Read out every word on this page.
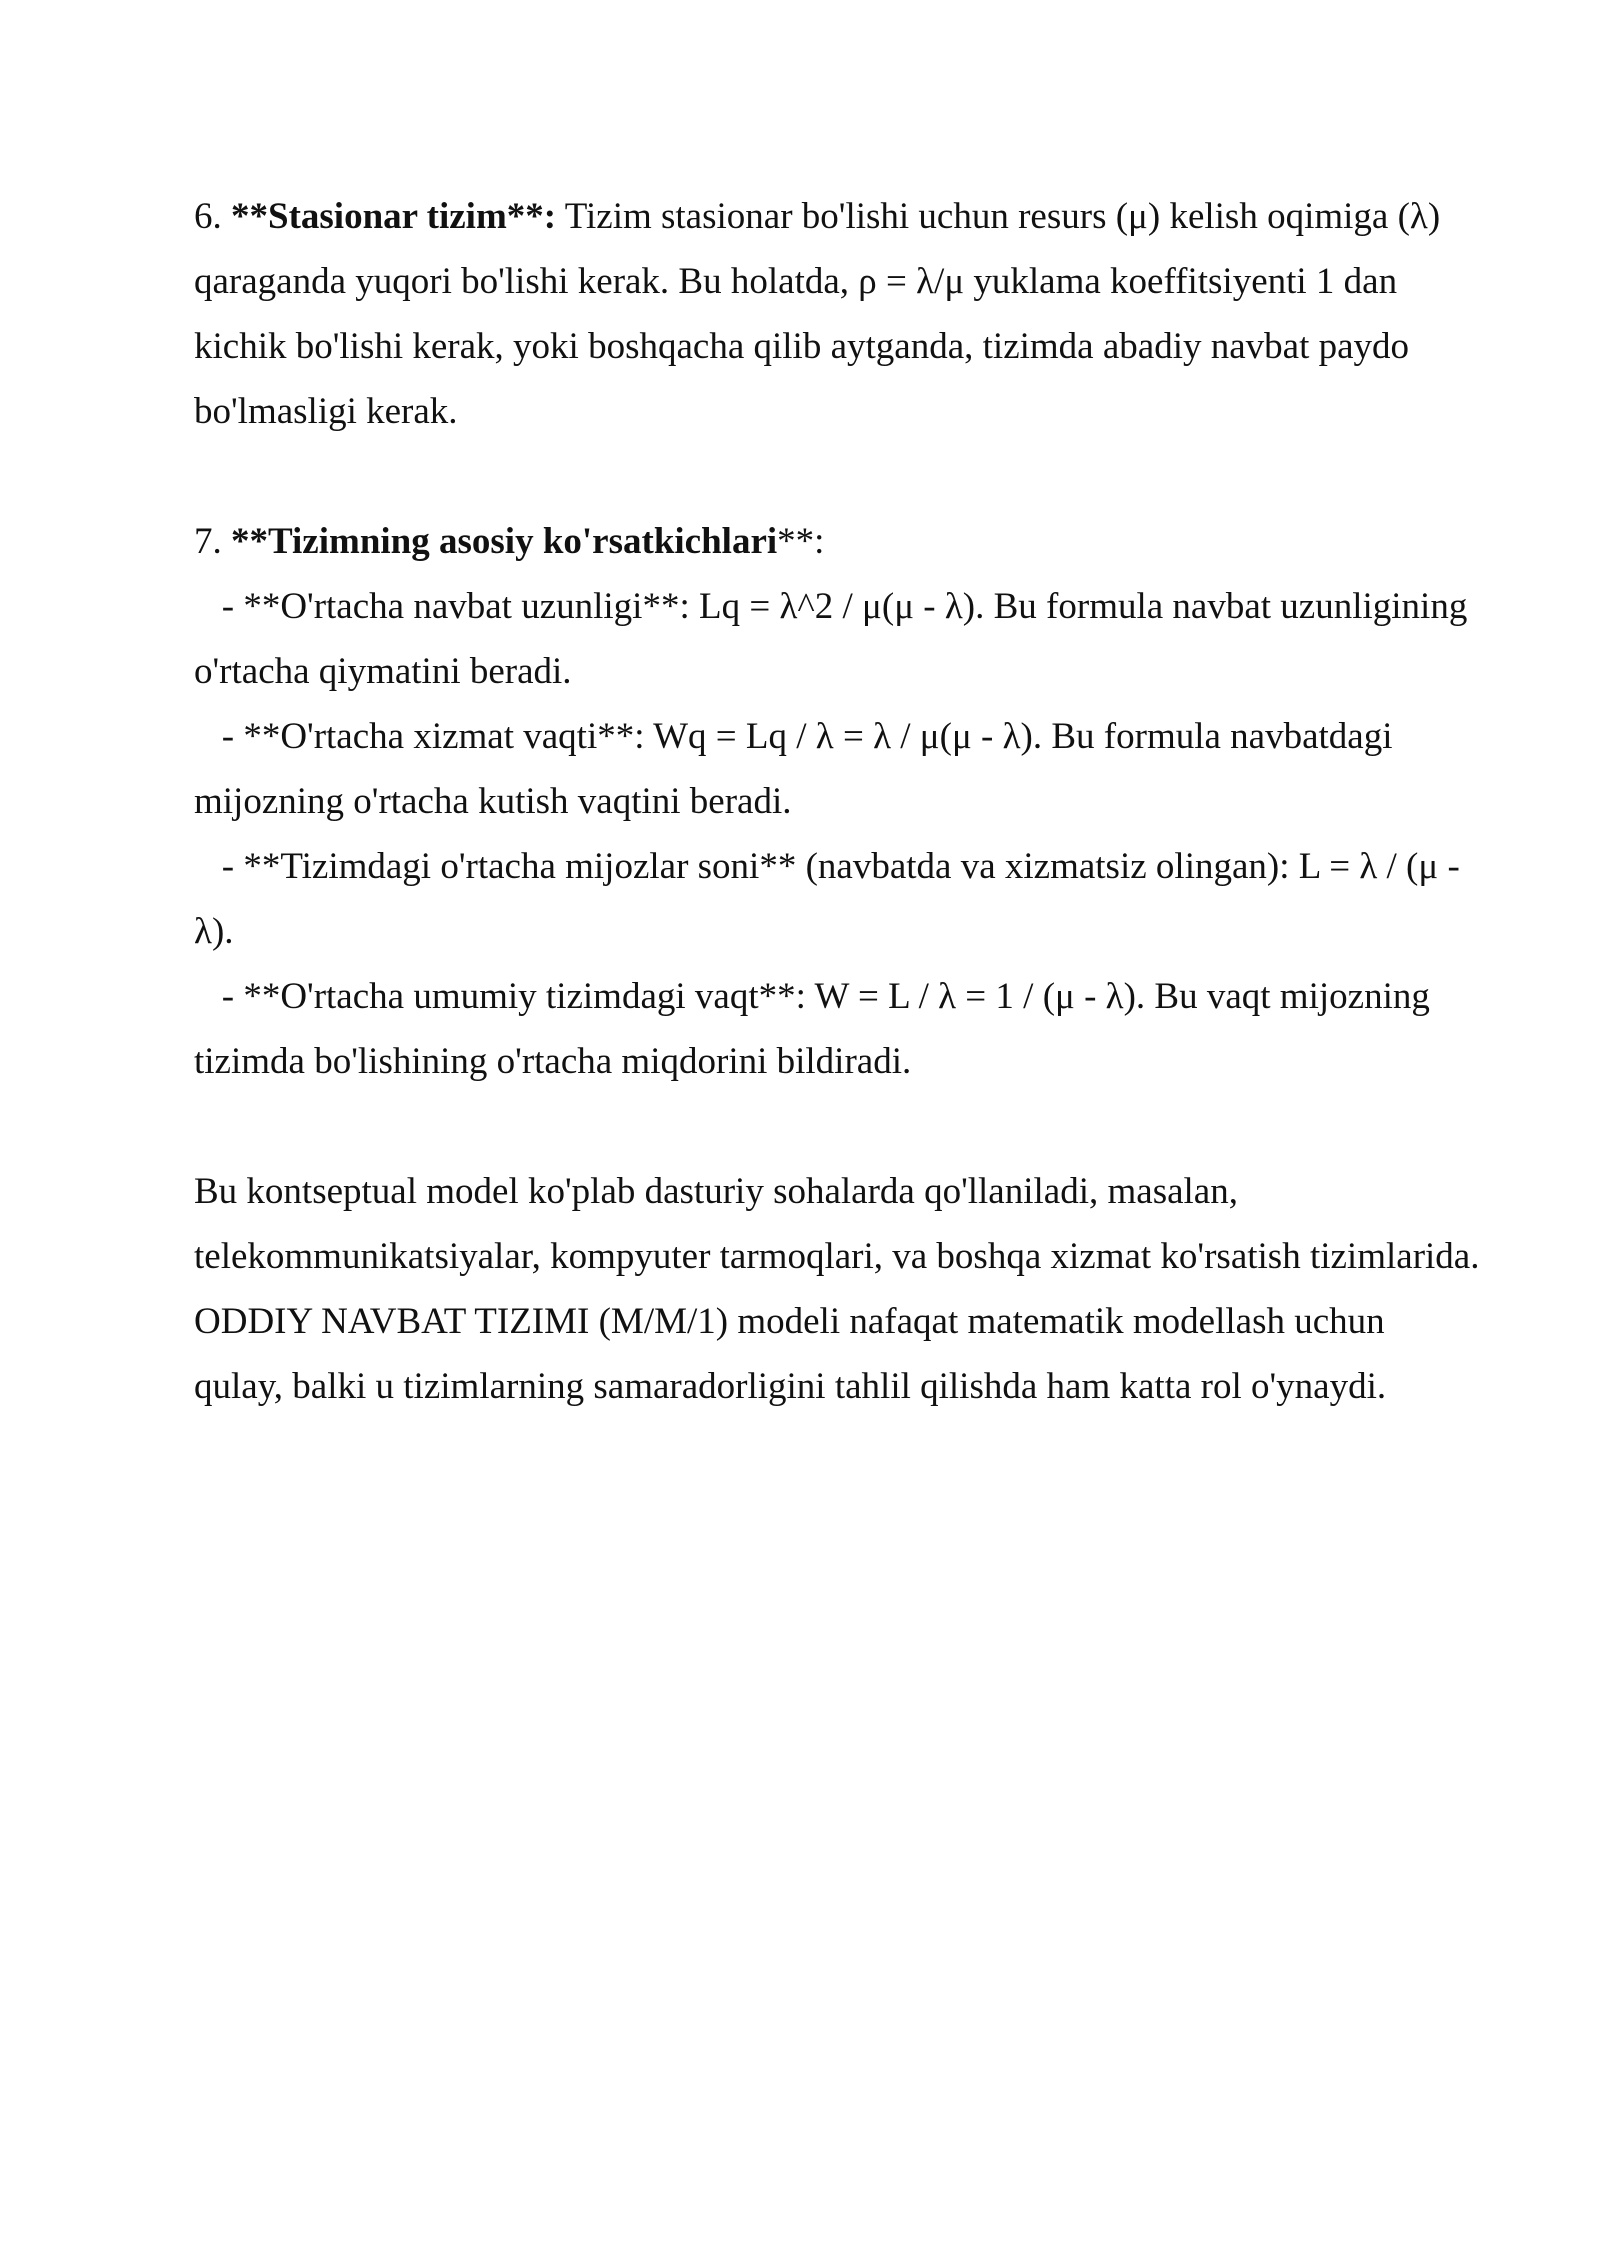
6. **Stasionar tizim**: Tizim stasionar bo'lishi uchun resurs (μ) kelish oqimiga (λ)
qaraganda yuqori bo'lishi kerak. Bu holatda, ρ = λ/μ yuklama koeffitsiyenti 1 dan
kichik bo'lishi kerak, yoki boshqacha qilib aytganda, tizimda abadiy navbat paydo
bo'lmasligi kerak.
7. **Tizimning asosiy ko'rsatkichlari**:
- **O'rtacha navbat uzunligi**: Lq = λ^2 / μ(μ - λ). Bu formula navbat uzunligining
o'rtacha qiymatini beradi.
- **O'rtacha xizmat vaqti**: Wq = Lq / λ = λ / μ(μ - λ). Bu formula navbatdagi
mijozning o'rtacha kutish vaqtini beradi.
- **Tizimdagi o'rtacha mijozlar soni** (navbatda va xizmatsiz olingan): L = λ / (μ -
λ).
- **O'rtacha umumiy tizimdagi vaqt**: W = L / λ = 1 / (μ - λ). Bu vaqt mijozning
tizimda bo'lishining o'rtacha miqdorini bildiradi.
Bu kontseptual model ko'plab dasturiy sohalarda qo'llaniladi, masalan,
telekommunikatsiyalar, kompyuter tarmoqlari, va boshqa xizmat ko'rsatish tizimlarida.
ODDIY NAVBAT TIZIMI (M/M/1) modeli nafaqat matematik modellash uchun
qulay, balki u tizimlarning samaradorligini tahlil qilishda ham katta rol o'ynaydi.
